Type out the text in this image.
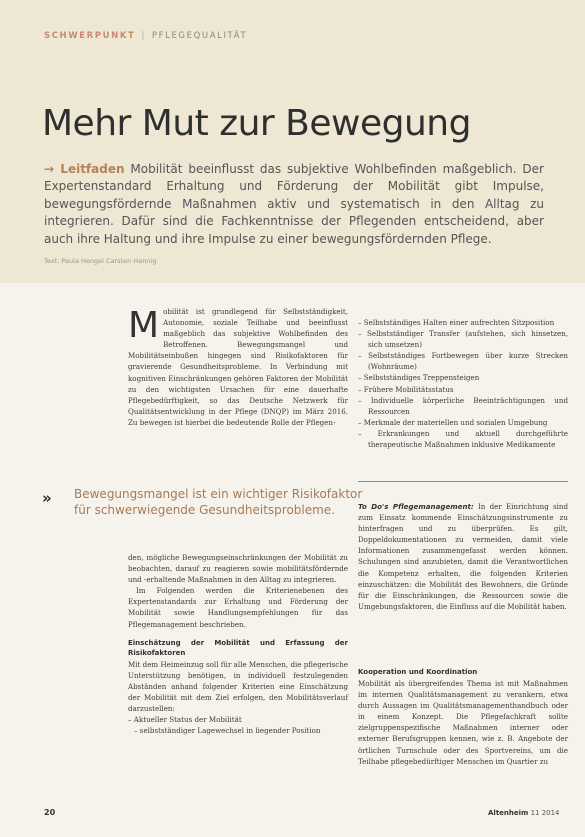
SCHWERPUNKT | PFLEGEQUALITÄT
Mehr Mut zur Bewegung

→ Leitfaden Mobilität beeinflusst das subjektive Wohlbefinden maßgeblich. Der Expertenstandard Erhaltung und Förderung der Mobilität gibt Impulse, bewegungsfördernde Maßnahmen aktiv und systematisch in den Alltag zu integrieren. Dafür sind die Fachkenntnisse der Pflegenden entscheidend, aber auch ihre Haltung und ihre Impulse zu einer bewegungsfördernden Pflege.

Text: Paula Hengel Carsten Hennig
M obilität ist grundlegend für Selbstständigkeit, Autonomie, soziale Teilhabe und beeinflusst maßgeblich das subjektive Wohlbefinden des Betroffenen. Bewegungsmangel und Mobilitätseinbußen hingegen sind Risikofaktoren für gravierende Gesundheitsprobleme. In Verbindung mit kognitiven Einschränkungen gehören Faktoren der Mobilität zu den wichtigsten Ursachen für eine dauerhafte Pflegebedürftigkeit, so das Deutsche Netzwerk für Qualitätsentwicklung in der Pflege (DNQP) im März 2016. Zu bewegen ist hierbei die bedeutende Rolle der Pflegen-

» Bewegungsmangel ist ein wichtiger Risikofaktor für schwerwiegende Gesundheitsprobleme.

den, mögliche Bewegungseinschränkungen der Mobilität zu beobachten, darauf zu reagieren sowie mobilitätsfördernde und -erhaltende Maßnahmen in den Alltag zu integrieren.

Im Folgenden werden die Kriterienebenen des Expertenstandards zur Erhaltung und Förderung der Mobilität sowie Handlungsempfehlungen für das Pflegemanagement beschrieben.

Einschätzung der Mobilität und Erfassung der Risikofaktoren

Mit dem Heimeinzug soll für alle Menschen, die pflegerische Unterstützung benötigen, in individuell festzulegenden Abständen anhand folgender Kriterien eine Einschätzung der Mobilität mit dem Ziel erfolgen, den Mobilitätsverlauf darzustellen:

– Aktueller Status der Mobilität
– selbstständiger Lagewechsel in liegender Position
– Selbstständiges Halten einer aufrechten Sitzposition
– Selbstständiger Transfer (aufstehen, sich hinsetzen, sich umsetzen)
– Selbstständiges Fortbewegen über kurze Strecken (Wohnräume)
– Selbstständiges Treppensteigen
– Frühere Mobilitätsstatus
– Individuelle körperliche Beeinträchtigungen und Ressourcen
– Merkmale der materiellen und sozialen Umgebung
– Erkrankungen und aktuell durchgeführte therapeutische Maßnahmen inklusive Medikamente

To Do's Pflegemanagement: In der Einrichtung sind zum Einsatz kommende Einschätzungsinstrumente zu hinterfragen und zu überprüfen. Es gilt, Doppeldokumentationen zu vermeiden, damit viele Informationen zusammengefasst werden können. Schulungen sind anzubieten, damit die Verantwortlichen die Kompetenz erhalten, die folgenden Kriterien einzuschätzen: die Mobilität des Bewohners, die Gründe für die Einschränkungen, die Ressourcen sowie die Umgebungsfaktoren, die Einfluss auf die Mobilität haben.

Kooperation und Koordination

Mobilität als übergreifendes Thema ist mit Maßnahmen im internen Qualitätsmanagement zu verankern, etwa durch Aussagen im Qualitätsmanagementhandbuch oder in einem Konzept. Die Pflegefachkraft sollte zielgruppenspezifische Maßnahmen interner oder externer Berufsgruppen kennen, wie z. B. Angebote der örtlichen Turnschule oder des Sportvereins, um die Teilhabe pflegebedürftiger Menschen im Quartier zu

20	Altenheim 11 2014
